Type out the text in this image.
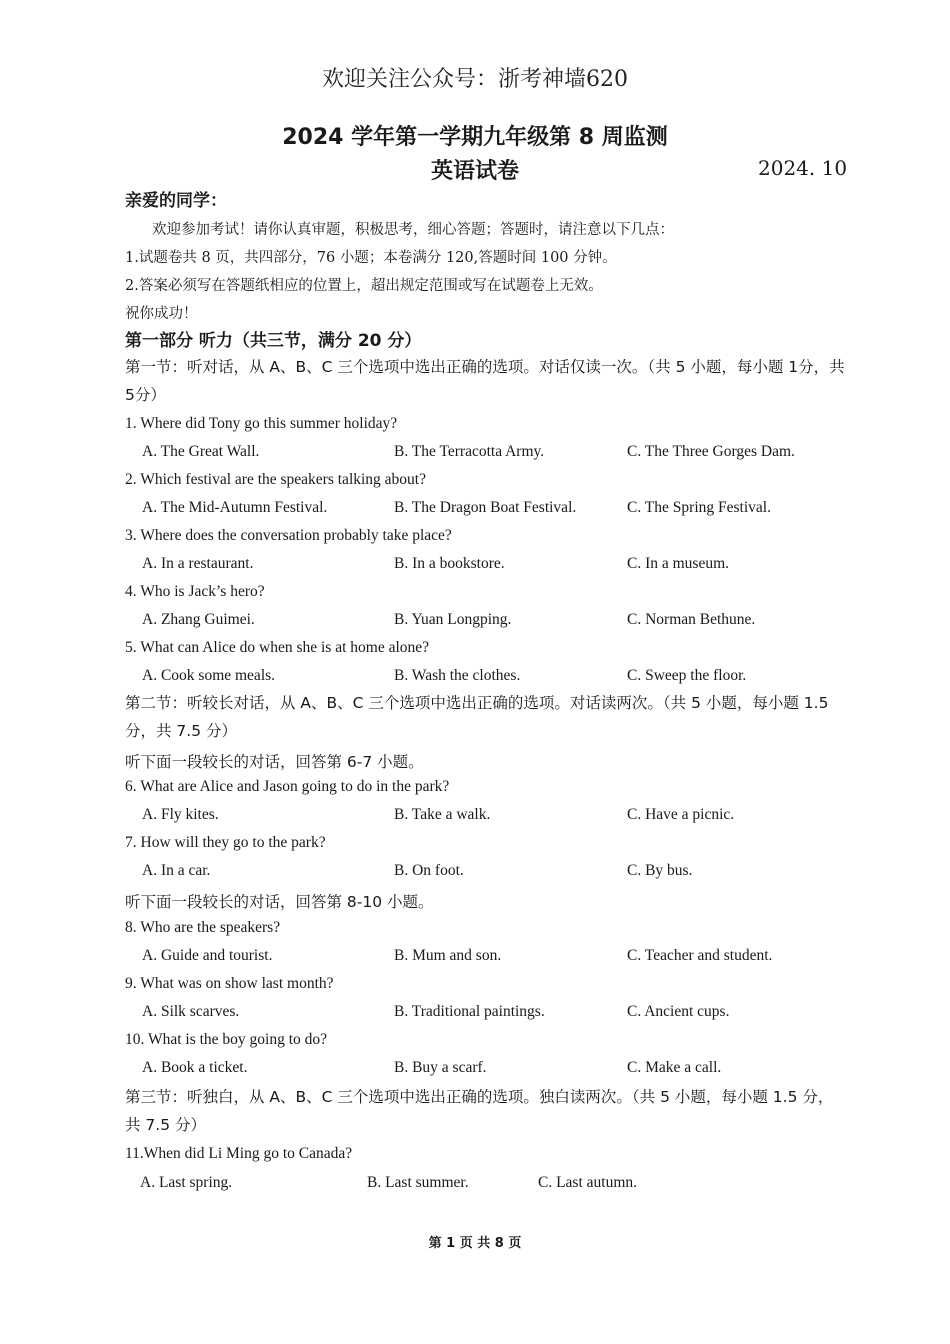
欢迎关注公众号：浙考神墙620
2024 学年第一学期九年级第 8 周监测
英语试卷	2024. 10
亲爱的同学：
欢迎参加考试！请你认真审题，积极思考，细心答题；答题时，请注意以下几点：
1.试题卷共 8 页，共四部分，76 小题；本卷满分 120,答题时间 100 分钟。
2.答案必须写在答题纸相应的位置上，超出规定范围或写在试题卷上无效。
祝你成功！
第一部分 听力（共三节，满分 20 分）
第一节：听对话，从 A、B、C 三个选项中选出正确的选项。对话仅读一次。（共 5 小题，每小题 1分，共 5分）
1. Where did Tony go this summer holiday?
A. The Great Wall.	B. The Terracotta Army.	C. The Three Gorges Dam.
2. Which festival are the speakers talking about?
A. The Mid-Autumn Festival.	B. The Dragon Boat Festival.	C. The Spring Festival.
3. Where does the conversation probably take place?
A. In a restaurant.	B. In a bookstore.	C. In a museum.
4. Who is Jack’s hero?
A. Zhang Guimei.	B. Yuan Longping.	C. Norman Bethune.
5. What can Alice do when she is at home alone?
A. Cook some meals.	B. Wash the clothes.	C. Sweep the floor.
第二节：听较长对话，从 A、B、C 三个选项中选出正确的选项。对话读两次。（共 5 小题，每小题 1.5 分，共 7.5 分）
听下面一段较长的对话，回答第 6-7 小题。
6. What are Alice and Jason going to do in the park?
A. Fly kites.	B. Take a walk.	C. Have a picnic.
7. How will they go to the park?
A. In a car.	B. On foot.	C. By bus.
听下面一段较长的对话，回答第 8-10 小题。
8. Who are the speakers?
A. Guide and tourist.	B. Mum and son.	C. Teacher and student.
9. What was on show last month?
A. Silk scarves.	B. Traditional paintings.	C. Ancient cups.
10. What is the boy going to do?
A. Book a ticket.	B. Buy a scarf.	C. Make a call.
第三节：听独白，从 A、B、C 三个选项中选出正确的选项。独白读两次。（共 5 小题，每小题 1.5 分，共 7.5 分）
11.When did Li Ming go to Canada?
A. Last spring.	B. Last summer.	C. Last autumn.
第 1 页 共 8 页
